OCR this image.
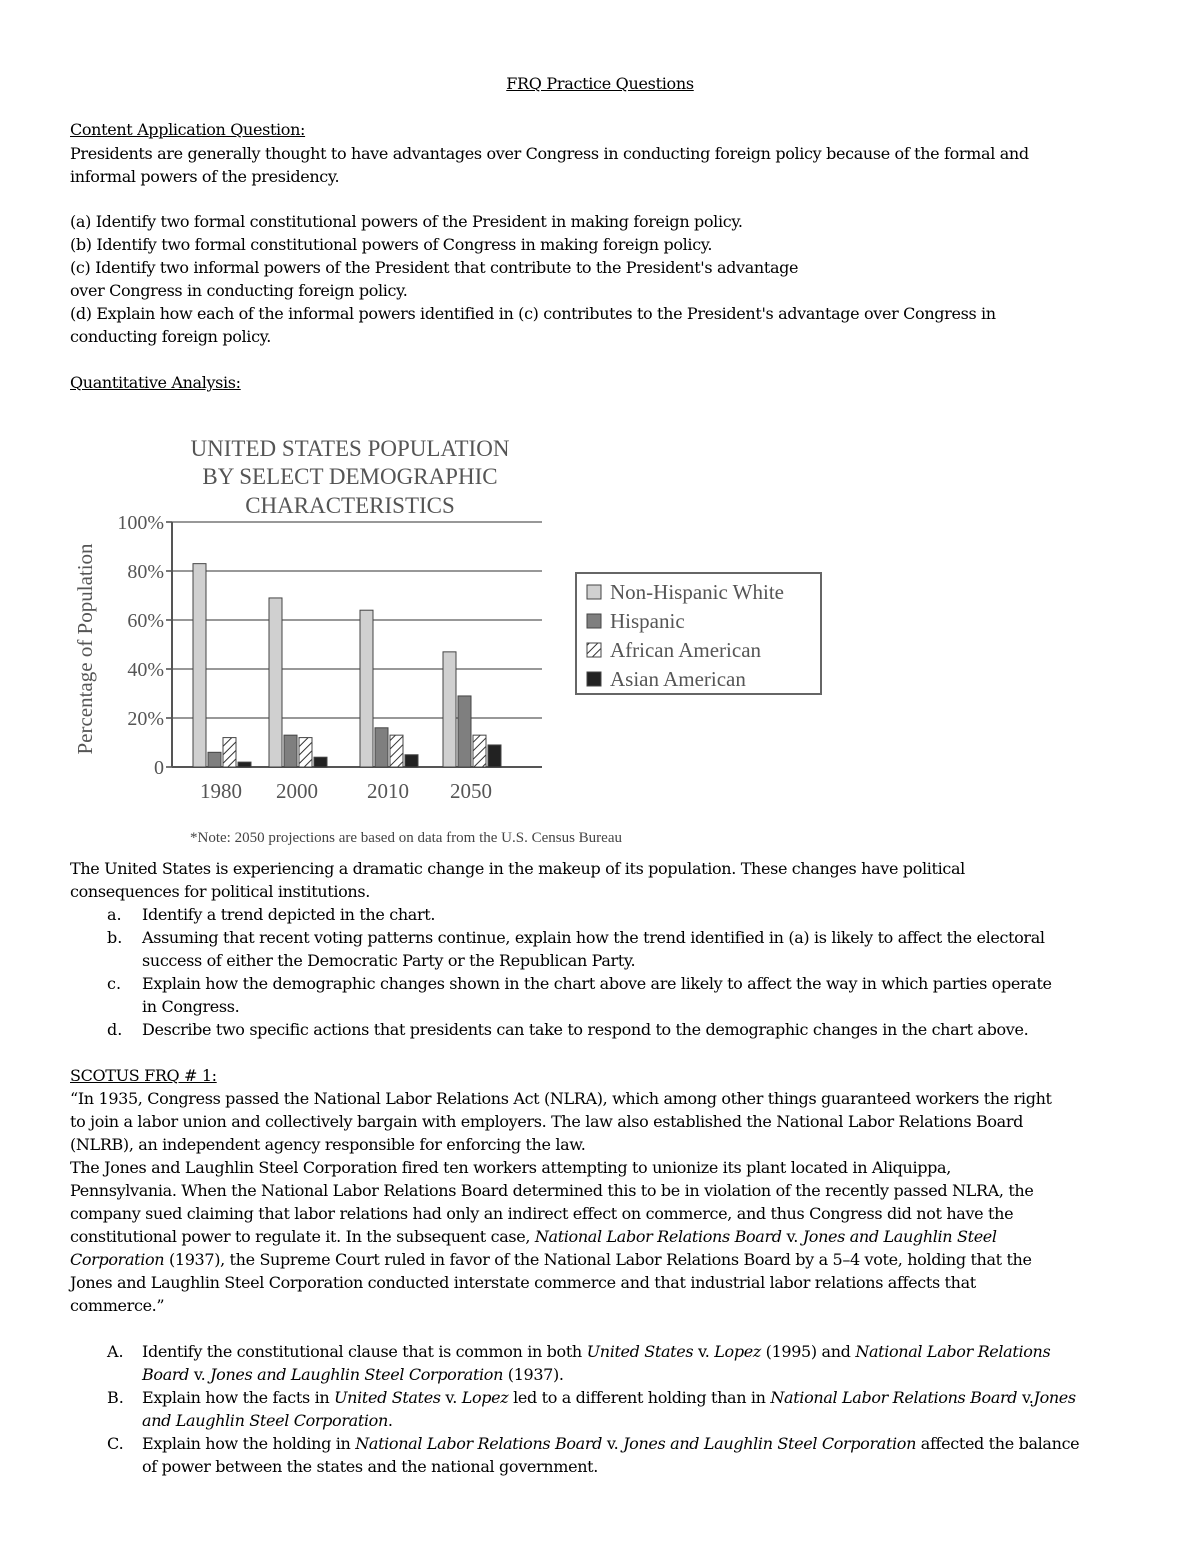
FRQ Practice Questions
Content Application Question:
Presidents are generally thought to have advantages over Congress in conducting foreign policy because of the formal and
informal powers of the presidency.
(a) Identify two formal constitutional powers of the President in making foreign policy.
(b) Identify two formal constitutional powers of Congress in making foreign policy.
(c) Identify two informal powers of the President that contribute to the President's advantage
over Congress in conducting foreign policy.
(d) Explain how each of the informal powers identified in (c) contributes to the President's advantage over Congress in
conducting foreign policy.
Quantitative Analysis:
UNITED STATES POPULATION
BY SELECT DEMOGRAPHIC
CHARACTERISTICS
Percentage of Population
0
20%
40%
60%
80%
100%
1980 2000 2010 2050
Non-Hispanic White
Hispanic
African American
Asian American
*Note: 2050 projections are based on data from the U.S. Census Bureau
The United States is experiencing a dramatic change in the makeup of its population. These changes have political
consequences for political institutions.
a. Identify a trend depicted in the chart.
b. Assuming that recent voting patterns continue, explain how the trend identified in (a) is likely to affect the electoral
success of either the Democratic Party or the Republican Party.
c. Explain how the demographic changes shown in the chart above are likely to affect the way in which parties operate
in Congress.
d. Describe two specific actions that presidents can take to respond to the demographic changes in the chart above.
SCOTUS FRQ # 1:
“In 1935, Congress passed the National Labor Relations Act (NLRA), which among other things guaranteed workers the right
to join a labor union and collectively bargain with employers. The law also established the National Labor Relations Board
(NLRB), an independent agency responsible for enforcing the law.
The Jones and Laughlin Steel Corporation fired ten workers attempting to unionize its plant located in Aliquippa,
Pennsylvania. When the National Labor Relations Board determined this to be in violation of the recently passed NLRA, the
company sued claiming that labor relations had only an indirect effect on commerce, and thus Congress did not have the
constitutional power to regulate it. In the subsequent case, National Labor Relations Board v. Jones and Laughlin Steel
Corporation (1937), the Supreme Court ruled in favor of the National Labor Relations Board by a 5–4 vote, holding that the
Jones and Laughlin Steel Corporation conducted interstate commerce and that industrial labor relations affects that
commerce.”
A. Identify the constitutional clause that is common in both United States v. Lopez (1995) and National Labor Relations
Board v. Jones and Laughlin Steel Corporation (1937).
B. Explain how the facts in United States v. Lopez led to a different holding than in National Labor Relations Board v.Jones
and Laughlin Steel Corporation.
C. Explain how the holding in National Labor Relations Board v. Jones and Laughlin Steel Corporation affected the balance
of power between the states and the national government.
